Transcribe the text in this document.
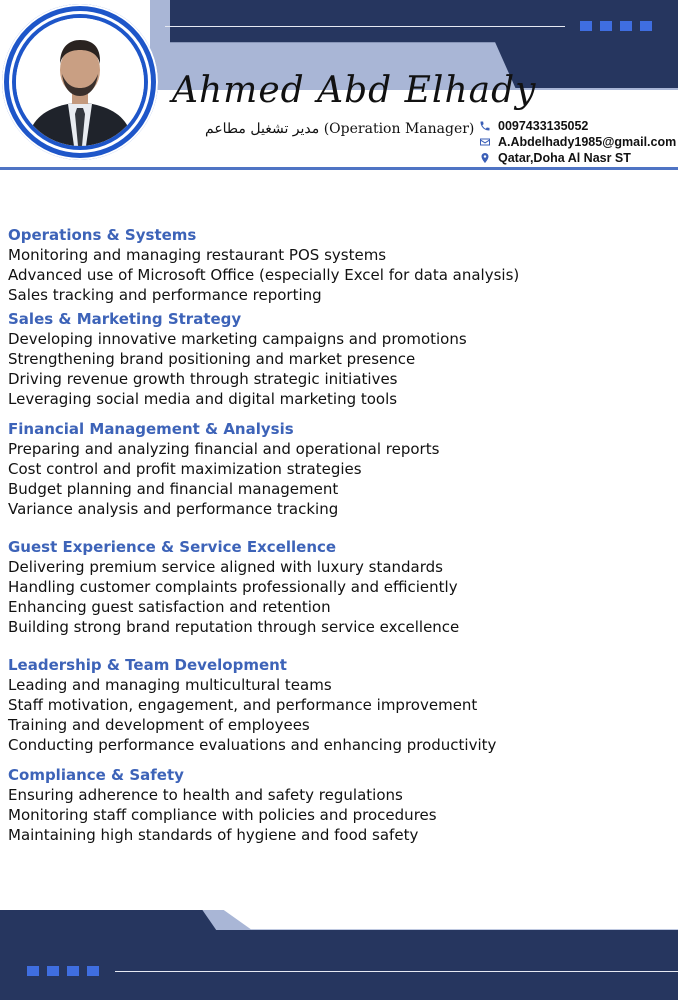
Ahmed Abd Elhady
مدير تشغيل مطاعم (Operation Manager) 0097433135052
A.Abdelhady1985@gmail.com
Qatar,Doha Al Nasr ST
Operations & Systems
Monitoring and managing restaurant POS systems
Advanced use of Microsoft Office (especially Excel for data analysis)
Sales tracking and performance reporting
Sales & Marketing Strategy
Developing innovative marketing campaigns and promotions
Strengthening brand positioning and market presence
Driving revenue growth through strategic initiatives
Leveraging social media and digital marketing tools
Financial Management & Analysis
Preparing and analyzing financial and operational reports
Cost control and profit maximization strategies
Budget planning and financial management
Variance analysis and performance tracking
Guest Experience & Service Excellence
Delivering premium service aligned with luxury standards
Handling customer complaints professionally and efficiently
Enhancing guest satisfaction and retention
Building strong brand reputation through service excellence
Leadership & Team Development
Leading and managing multicultural teams
Staff motivation, engagement, and performance improvement
Training and development of employees
Conducting performance evaluations and enhancing productivity
Compliance & Safety
Ensuring adherence to health and safety regulations
Monitoring staff compliance with policies and procedures
Maintaining high standards of hygiene and food safety
